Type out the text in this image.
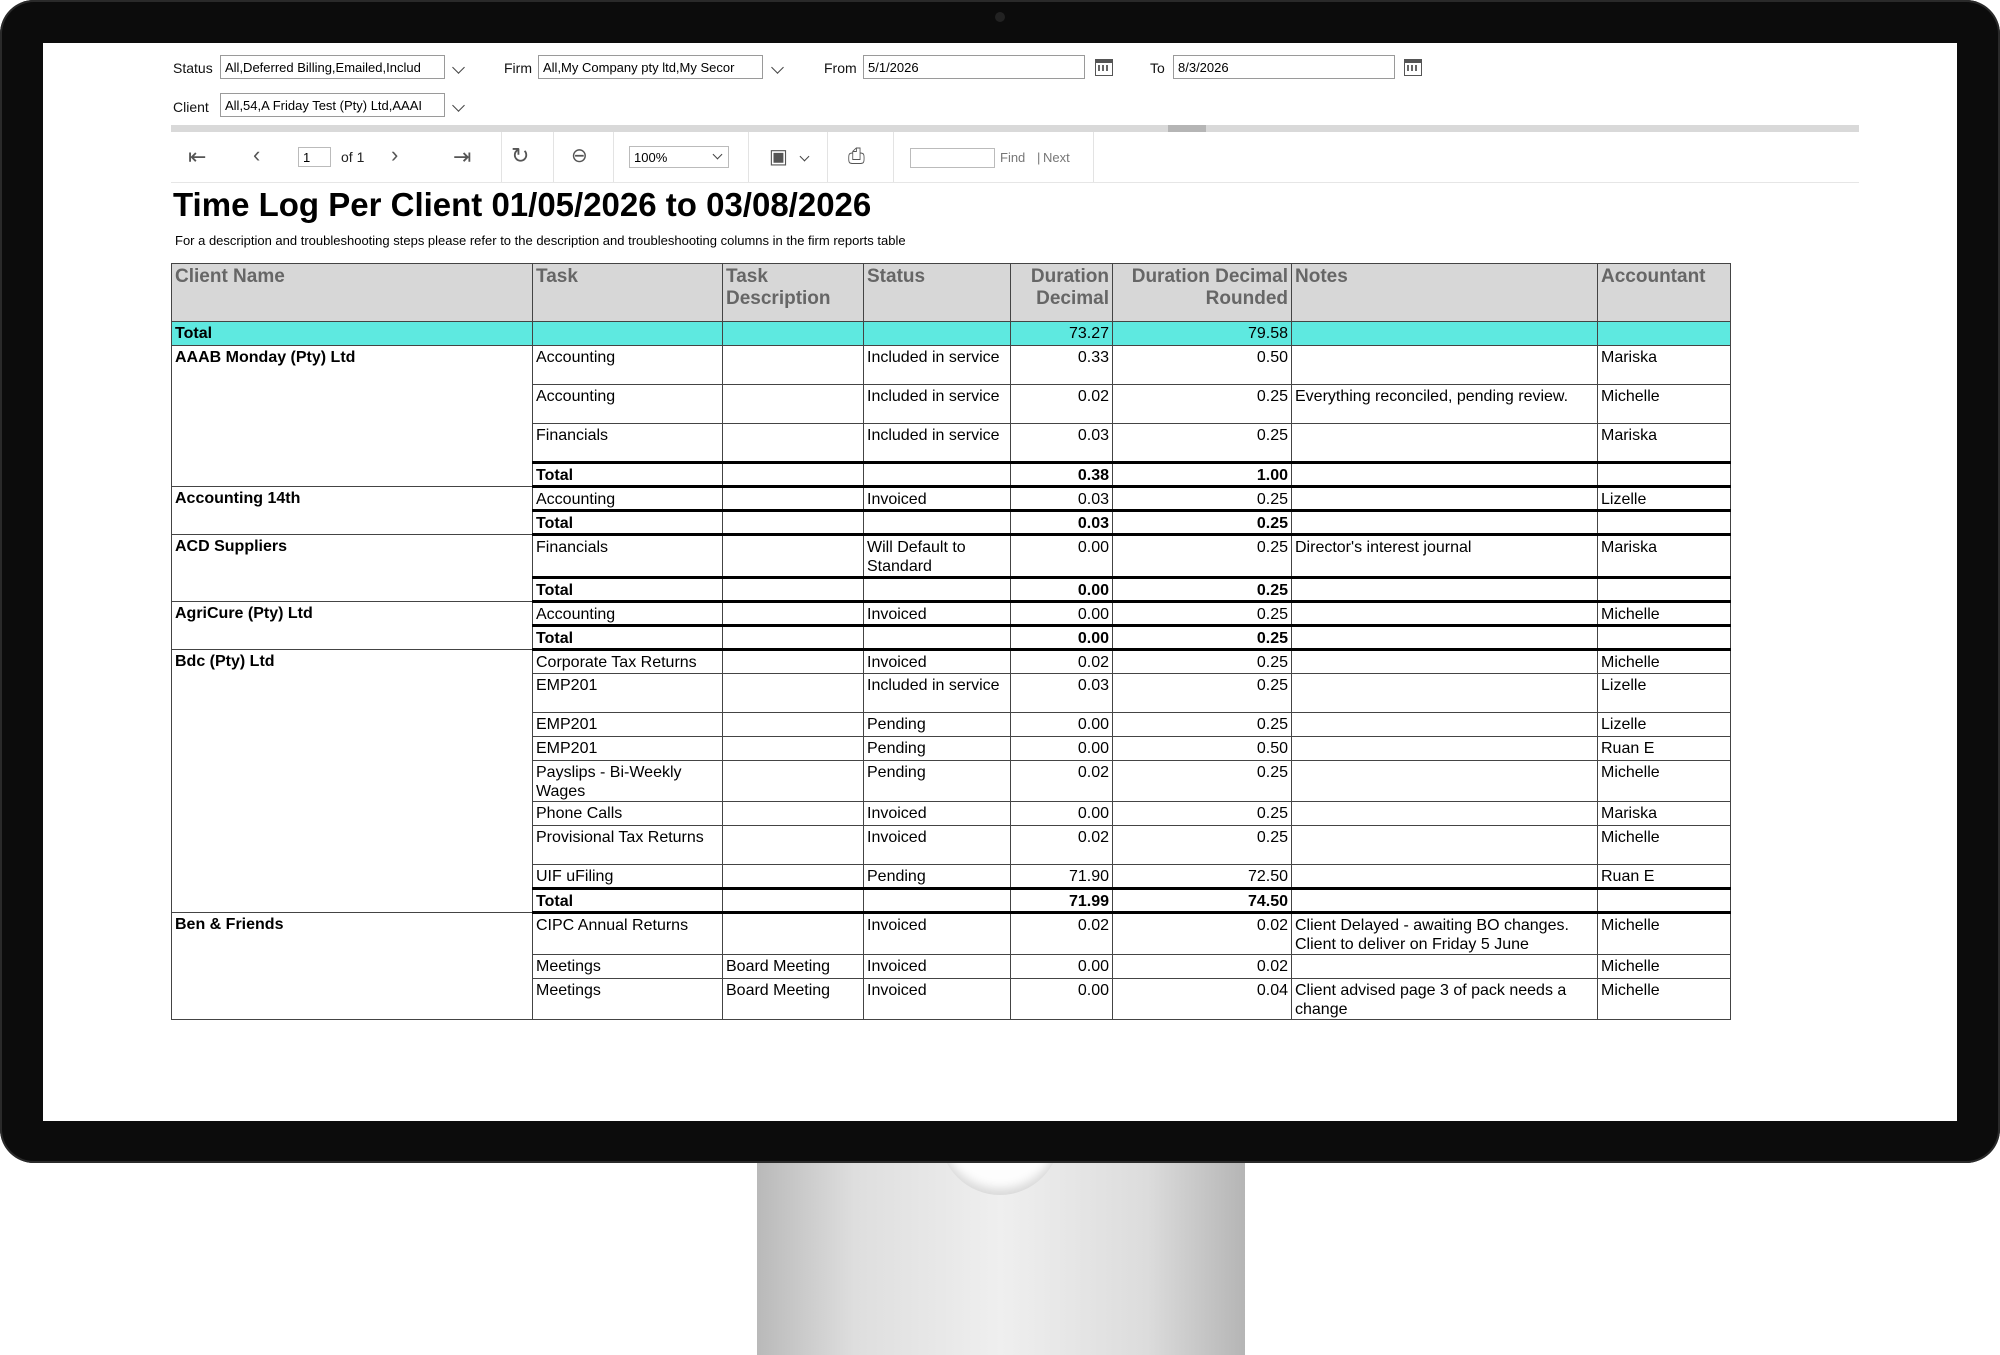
Status All,Deferred Billing,Emailed,Includ	Firm All,My Company pty ltd,My Secor	From 5/1/2026	To	8/3/2026
Client	All,54,A Friday Test (Pty) Ltd,AAAI
⇤ ‹	1	of 1 › ⇥ ↻ ⊖	100%	▣	⎙	Find | Next
Time Log Per Client 01/05/2026 to 03/08/2026
For a description and troubleshooting steps please refer to the description and troubleshooting columns in the firm reports table
Client Name	Task	Task Description	Status	Duration Decimal	Duration Decimal Rounded	Notes	Accountant
Total				73.27	79.58		
AAAB Monday (Pty) Ltd	Accounting		Included in service	0.33	0.50		Mariska
	Accounting		Included in service	0.02	0.25	Everything reconciled, pending review.	Michelle
	Financials		Included in service	0.03	0.25		Mariska
	Total			0.38	1.00		
Accounting 14th	Accounting		Invoiced	0.03	0.25		Lizelle
	Total			0.03	0.25		
ACD Suppliers	Financials		Will Default to Standard	0.00	0.25	Director's interest journal	Mariska
	Total			0.00	0.25		
AgriCure (Pty) Ltd	Accounting		Invoiced	0.00	0.25		Michelle
	Total			0.00	0.25		
Bdc (Pty) Ltd	Corporate Tax Returns		Invoiced	0.02	0.25		Michelle
	EMP201		Included in service	0.03	0.25		Lizelle
	EMP201		Pending	0.00	0.25		Lizelle
	EMP201		Pending	0.00	0.50		Ruan E
	Payslips - Bi-Weekly Wages		Pending	0.02	0.25		Michelle
	Phone Calls		Invoiced	0.00	0.25		Mariska
	Provisional Tax Returns		Invoiced	0.02	0.25		Michelle
	UIF uFiling		Pending	71.90	72.50		Ruan E
	Total			71.99	74.50		
Ben & Friends	CIPC Annual Returns		Invoiced	0.02	0.02	Client Delayed - awaiting BO changes. Client to deliver on Friday 5 June	Michelle
	Meetings	Board Meeting	Invoiced	0.00	0.02		Michelle
	Meetings	Board Meeting	Invoiced	0.00	0.04	Client advised page 3 of pack needs a change	Michelle
